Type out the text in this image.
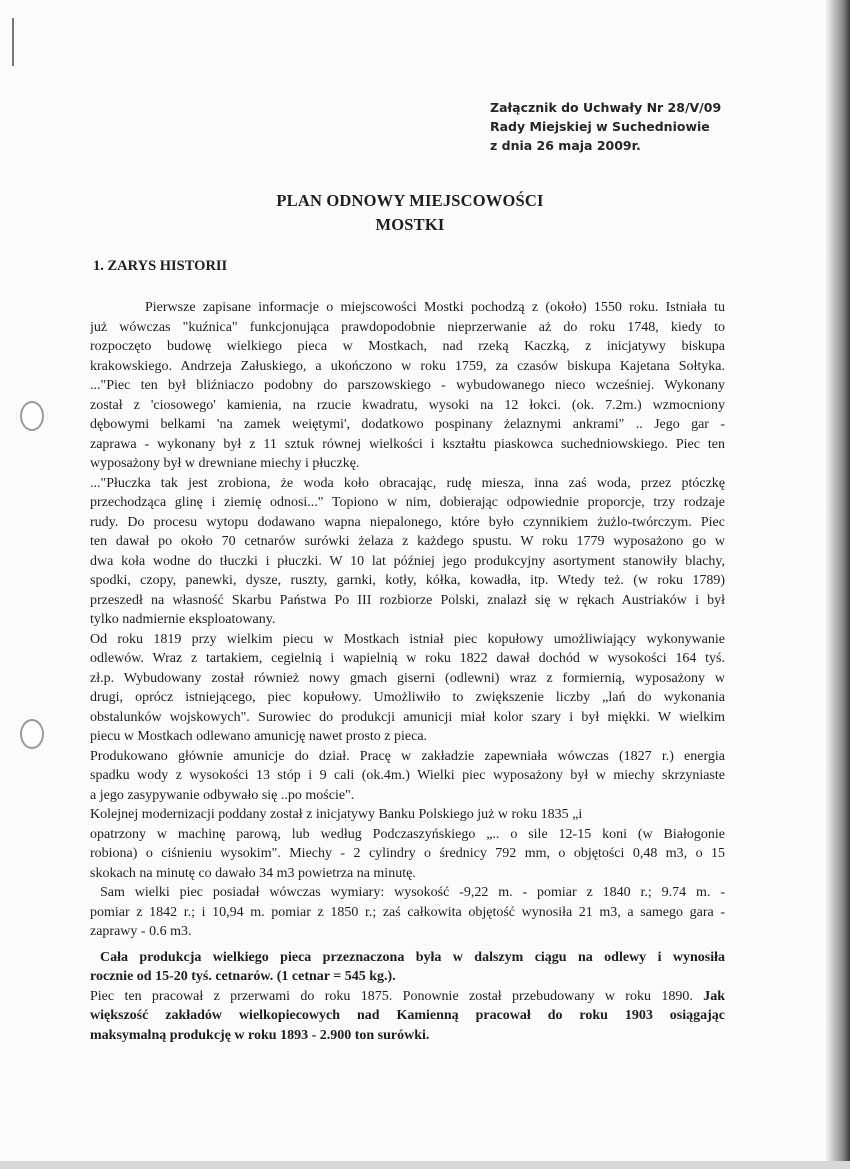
Załącznik do Uchwały Nr 28/V/09
Rady Miejskiej w Suchedniowie
z dnia 26 maja 2009r.
PLAN ODNOWY MIEJSCOWOŚCI
MOSTKI
1. ZARYS HISTORII
Pierwsze zapisane informacje o miejscowości Mostki pochodzą z (około) 1550 roku. Istniała tu
już wówczas "kuźnica" funkcjonująca prawdopodobnie nieprzerwanie aż do roku 1748, kiedy to
rozpoczęto budowę wielkiego pieca w Mostkach, nad rzeką Kaczką, z inicjatywy biskupa
krakowskiego. Andrzeja Załuskiego, a ukończono w roku 1759, za czasów biskupa Kajetana Sołtyka.
..."Piec ten był bliźniaczo podobny do parszowskiego - wybudowanego nieco wcześniej. Wykonany
został z 'ciosowego' kamienia, na rzucie kwadratu, wysoki na 12 łokci. (ok. 7.2m.) wzmocniony
dębowymi belkami 'na zamek weiętymi', dodatkowo pospinany żelaznymi ankrami" .. Jego gar -
zaprawa - wykonany był z 11 sztuk równej wielkości i kształtu piaskowca suchedniowskiego. Piec ten
wyposażony był w drewniane miechy i płuczkę.
..."Płuczka tak jest zrobiona, że woda koło obracając, rudę miesza, inna zaś woda, przez ptóczkę
przechodząca glinę i ziemię odnosi..." Topiono w nim, dobierając odpowiednie proporcje, trzy rodzaje
rudy. Do procesu wytopu dodawano wapna niepalonego, które było czynnikiem żużlo-twórczym. Piec
ten dawał po około 70 cetnarów surówki żelaza z każdego spustu. W roku 1779 wyposażono go w
dwa koła wodne do tłuczki i płuczki. W 10 lat później jego produkcyjny asortyment stanowiły blachy,
spodki, czopy, panewki, dysze, ruszty, garnki, kotły, kółka, kowadła, itp. Wtedy też. (w roku 1789)
przeszedł na własność Skarbu Państwa Po III rozbiorze Polski, znalazł się w rękach Austriaków i był
tylko nadmiernie eksploatowany.
Od roku 1819 przy wielkim piecu w Mostkach istniał piec kopułowy umożliwiający wykonywanie
odlewów. Wraz z tartakiem, cegielnią i wapielnią w roku 1822 dawał dochód w wysokości 164 tyś.
zł.p. Wybudowany został również nowy gmach giserni (odlewni) wraz z formiernią, wyposażony w
drugi, oprócz istniejącego, piec kopułowy. Umożliwiło to zwiększenie liczby „lań do wykonania
obstalunków wojskowych". Surowiec do produkcji amunicji miał kolor szary i był miękki. W wielkim
piecu w Mostkach odlewano amunicję nawet prosto z pieca.
Produkowano głównie amunicje do dział. Pracę w zakładzie zapewniała wówczas (1827 r.) energia
spadku wody z wysokości 13 stóp i 9 cali (ok.4m.) Wielki piec wyposażony był w miechy skrzyniaste
a jego zasypywanie odbywało się ..po moście".
Kolejnej modernizacji poddany został z inicjatywy Banku Polskiego już w roku 1835 „i
opatrzony w machinę parową, lub według Podczaszyńskiego „.. o sile 12-15 koni (w Białogonie
robiona) o ciśnieniu wysokim". Miechy - 2 cylindry o średnicy 792 mm, o objętości 0,48 m3, o 15
skokach na minutę co dawało 34 m3 powietrza na minutę.
Sam wielki piec posiadał wówczas wymiary: wysokość -9,22 m. - pomiar z 1840 r.; 9.74 m. -
pomiar z 1842 r.; i 10,94 m. pomiar z 1850 r.; zaś całkowita objętość wynosiła 21 m3, a samego gara -
zaprawy - 0.6 m3.
Cała produkcja wielkiego pieca przeznaczona była w dalszym ciągu na odlewy i wynosiła
rocznie od 15-20 tyś. cetnarów. (1 cetnar = 545 kg.).
Piec ten pracował z przerwami do roku 1875. Ponownie został przebudowany w roku 1890. Jak
większość zakładów wielkopiecowych nad Kamienną pracował do roku 1903 osiągając
maksymalną produkcję w roku 1893 - 2.900 ton surówki.
